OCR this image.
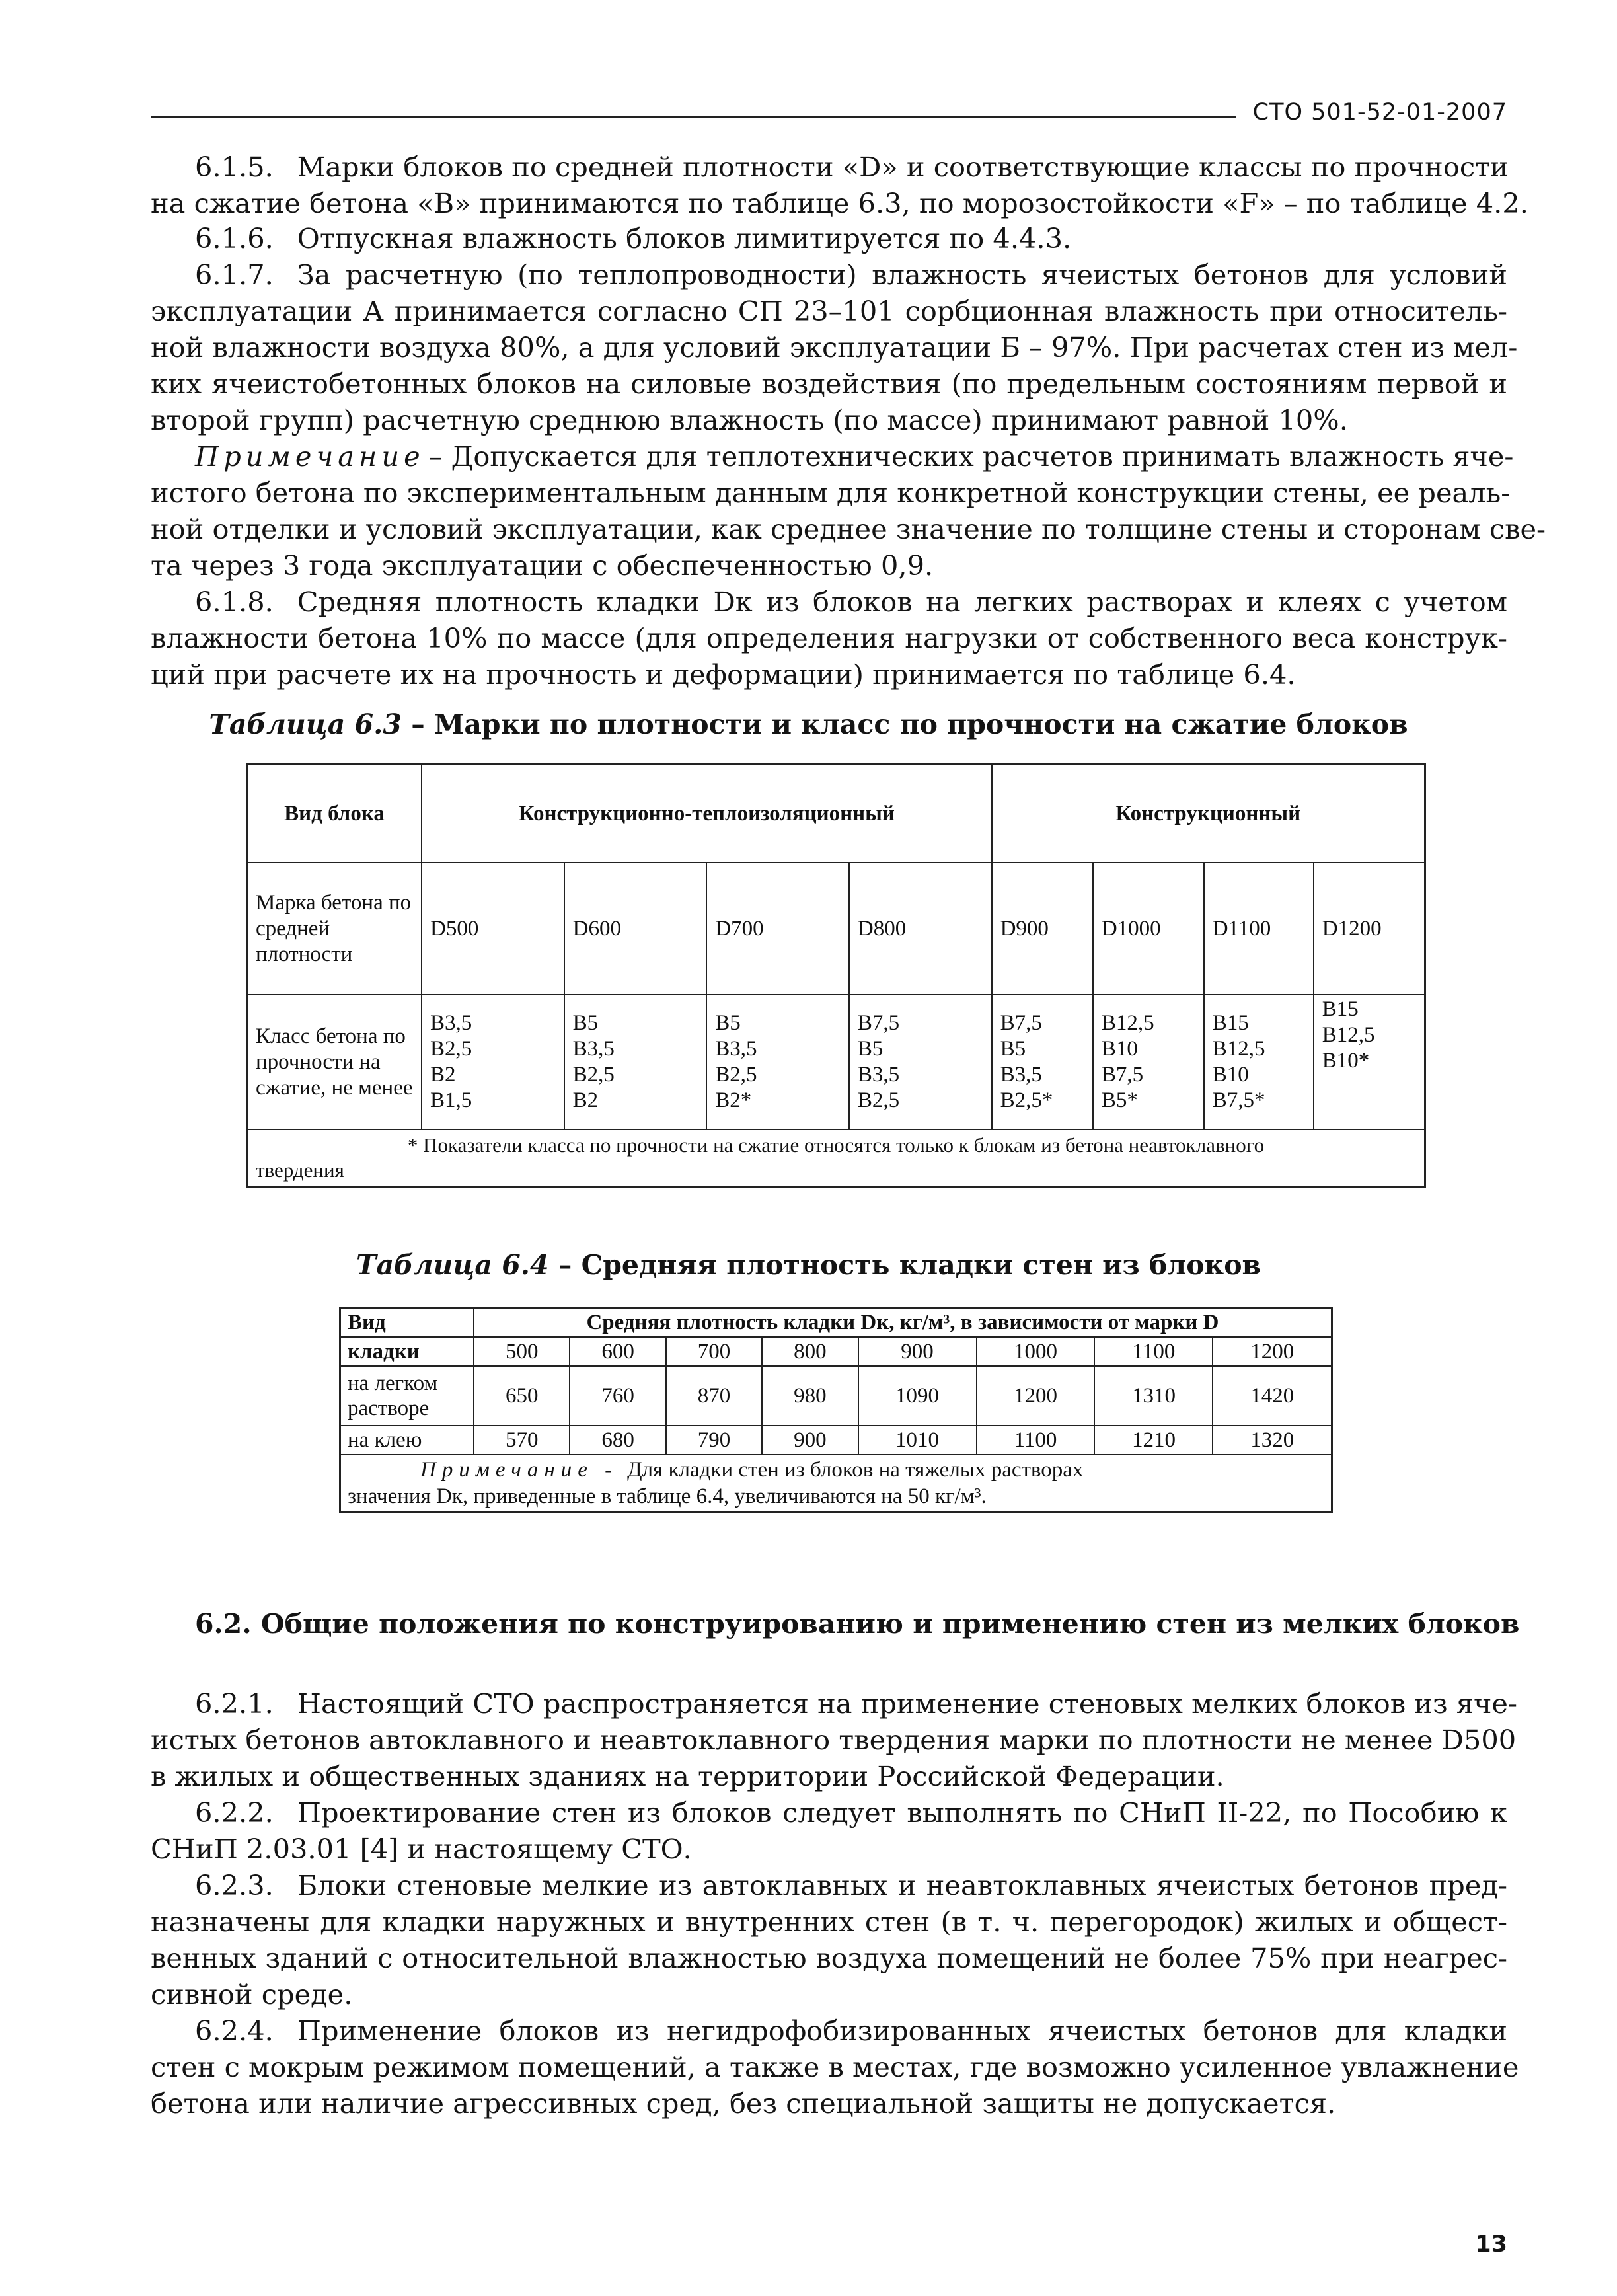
СТО 501-52-01-2007
6.1.5. Марки блоков по средней плотности «D» и соответствующие классы по прочности
на сжатие бетона «В» принимаются по таблице 6.3, по морозостойкости «F» – по таблице 4.2.
6.1.6. Отпускная влажность блоков лимитируется по 4.4.3.
6.1.7. За расчетную (по теплопроводности) влажность ячеистых бетонов для условий
эксплуатации А принимается согласно СП 23–101 сорбционная влажность при относитель-
ной влажности воздуха 80%, а для условий эксплуатации Б – 97%. При расчетах стен из мел-
ких ячеистобетонных блоков на силовые воздействия (по предельным состояниям первой и
второй групп) расчетную среднюю влажность (по массе) принимают равной 10%.
Примечание – Допускается для теплотехнических расчетов принимать влажность яче-
истого бетона по экспериментальным данным для конкретной конструкции стены, ее реаль-
ной отделки и условий эксплуатации, как среднее значение по толщине стены и сторонам све-
та через 3 года эксплуатации с обеспеченностью 0,9.
6.1.8. Средняя плотность кладки Dк из блоков на легких растворах и клеях с учетом
влажности бетона 10% по массе (для определения нагрузки от собственного веса конструк-
ций при расчете их на прочность и деформации) принимается по таблице 6.4.
Таблица 6.3 – Марки по плотности и класс по прочности на сжатие блоков
Вид блока	Конструкционно-теплоизоляционный				Конструкционный			
Марка бетона по средней плотности	D500	D600	D700	D800	D900	D1000	D1100	D1200
Класс бетона по прочности на сжатие, не менее	В3,5
В2,5
В2
В1,5	В5
В3,5
В2,5
В2	В5
В3,5
В2,5
В2*	В7,5
В5
В3,5
В2,5	В7,5
В5
В3,5
В2,5*	В12,5
В10
В7,5
В5*	В15
В12,5
В10
В7,5*	В15
В12,5
В10*

* Показатели класса по прочности на сжатие относятся только к блокам из бетона неавтоклавного
твердения								
Таблица 6.4 – Средняя плотность кладки стен из блоков
Вид	Средняя плотность кладки Dк, кг/м³, в зависимости от марки D							
кладки	500	600	700	800	900	1000	1100	1200
на легком растворе	650	760	870	980	1090	1200	1310	1420
на клею	570	680	790	900	1010	1100	1210	1320

Примечание - Для кладки стен из блоков на тяжелых растворах
значения Dк, приведенные в таблице 6.4, увеличиваются на 50 кг/м³.								
6.2. Общие положения по конструированию и применению стен из мелких блоков
6.2.1. Настоящий СТО распространяется на применение стеновых мелких блоков из яче-
истых бетонов автоклавного и неавтоклавного твердения марки по плотности не менее D500
в жилых и общественных зданиях на территории Российской Федерации.
6.2.2. Проектирование стен из блоков следует выполнять по СНиП II-22, по Пособию к
СНиП 2.03.01 [4] и настоящему СТО.
6.2.3. Блоки стеновые мелкие из автоклавных и неавтоклавных ячеистых бетонов пред-
назначены для кладки наружных и внутренних стен (в т. ч. перегородок) жилых и общест-
венных зданий с относительной влажностью воздуха помещений не более 75% при неагрес-
сивной среде.
6.2.4. Применение блоков из негидрофобизированных ячеистых бетонов для кладки
стен с мокрым режимом помещений, а также в местах, где возможно усиленное увлажнение
бетона или наличие агрессивных сред, без специальной защиты не допускается.
13
